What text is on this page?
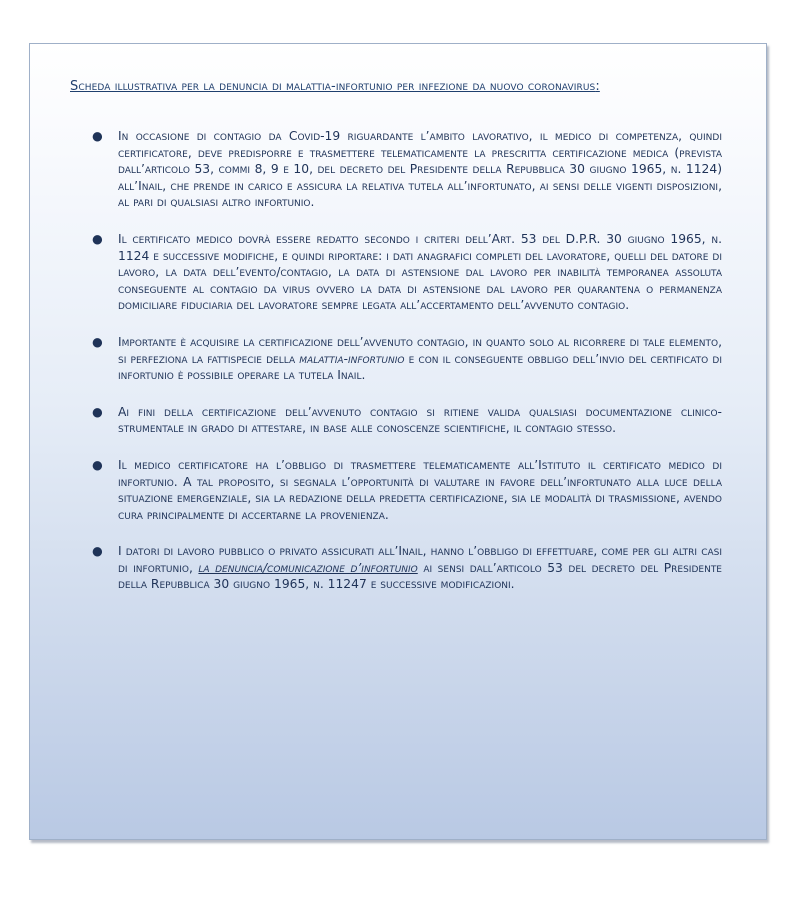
Scheda illustrativa per la denuncia di malattia-infortunio per infezione da nuovo coronavirus:

● In occasione di contagio da Covid-19 riguardante l’ambito lavorativo, il medico di competenza, quindi certificatore, deve predisporre e trasmettere telematicamente la prescritta certificazione medica (prevista dall’articolo 53, commi 8, 9 e 10, del decreto del Presidente della Repubblica 30 giugno 1965, n. 1124) all’Inail, che prende in carico e assicura la relativa tutela all’infortunato, ai sensi delle vigenti disposizioni, al pari di qualsiasi altro infortunio.
● Il certificato medico dovrà essere redatto secondo i criteri dell’Art. 53 del D.P.R. 30 giugno 1965, n. 1124 e successive modifiche, e quindi riportare: i dati anagrafici completi del lavoratore, quelli del datore di lavoro, la data dell’evento/contagio, la data di astensione dal lavoro per inabilità temporanea assoluta conseguente al contagio da virus ovvero la data di astensione dal lavoro per quarantena o permanenza domiciliare fiduciaria del lavoratore sempre legata all’accertamento dell’avvenuto contagio.
● Importante è acquisire la certificazione dell’avvenuto contagio, in quanto solo al ricorrere di tale elemento, si perfeziona la fattispecie della malattia-infortunio e con il conseguente obbligo dell’invio del certificato di infortunio è possibile operare la tutela Inail.
● Ai fini della certificazione dell’avvenuto contagio si ritiene valida qualsiasi documentazione clinico-strumentale in grado di attestare, in base alle conoscenze scientifiche, il contagio stesso.
● Il medico certificatore ha l’obbligo di trasmettere telematicamente all’Istituto il certificato medico di infortunio. A tal proposito, si segnala l’opportunità di valutare in favore dell’infortunato alla luce della situazione emergenziale, sia la redazione della predetta certificazione, sia le modalità di trasmissione, avendo cura principalmente di accertarne la provenienza.
● I datori di lavoro pubblico o privato assicurati all’Inail, hanno l’obbligo di effettuare, come per gli altri casi di infortunio, la denuncia/comunicazione d’infortunio ai sensi dall’articolo 53 del decreto del Presidente della Repubblica 30 giugno 1965, n. 11247 e successive modificazioni.
